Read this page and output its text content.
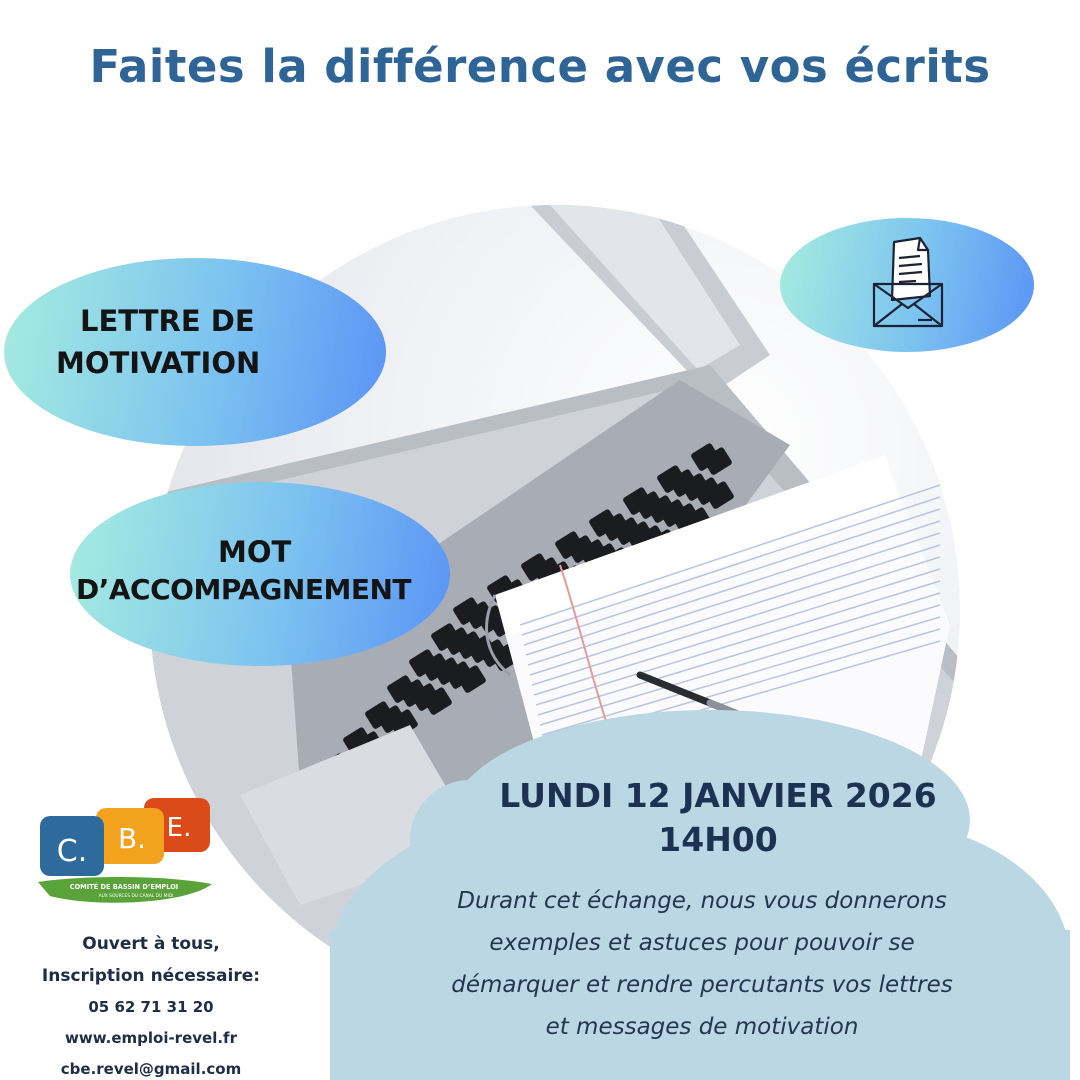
Faites la différence avec vos écrits
LETTRE DE
MOTIVATION
MOT
D’ACCOMPAGNEMENT
LUNDI 12 JANVIER 2026
14H00
Durant cet échange, nous vous donnerons
exemples et astuces pour pouvoir se
démarquer et rendre percutants vos lettres
et messages de motivation
C. B. E.
COMITÉ DE BASSIN D’EMPLOI
AUX SOURCES DU CANAL DU MIDI
Ouvert à tous,
Inscription nécessaire:
05 62 71 31 20
www.emploi-revel.fr
cbe.revel@gmail.com
